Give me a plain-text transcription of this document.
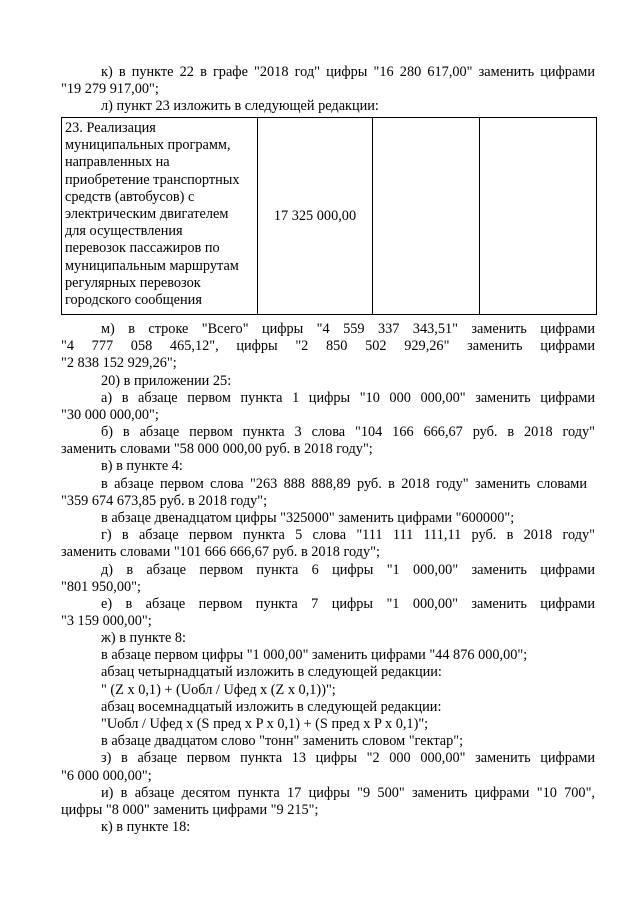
к) в пункте 22 в графе "2018 год" цифры "16 280 617,00" заменить цифрами
"19 279 917,00";
л) пункт 23 изложить в следующей редакции:
23. Реализация
муниципальных программ,
направленных на
приобретение транспортных
средств (автобусов) с
электрическим двигателем
для осуществления
перевозок пассажиров по
муниципальным маршрутам
регулярных перевозок
городского сообщения	17 325 000,00		
м) в строке "Всего" цифры "4 559 337 343,51" заменить цифрами
"4 777 058 465,12", цифры "2 850 502 929,26" заменить цифрами
"2 838 152 929,26";
20) в приложении 25:
а) в абзаце первом пункта 1 цифры "10 000 000,00" заменить цифрами
"30 000 000,00";
б) в абзаце первом пункта 3 слова "104 166 666,67 руб. в 2018 году"
заменить словами "58 000 000,00 руб. в 2018 году";
в) в пункте 4:
в абзаце первом слова "263 888 888,89 руб. в 2018 году" заменить словами
"359 674 673,85 руб. в 2018 году";
в абзаце двенадцатом цифры "325000" заменить цифрами "600000";
г) в абзаце первом пункта 5 слова "111 111 111,11 руб. в 2018 году"
заменить словами "101 666 666,67 руб. в 2018 году";
д) в абзаце первом пункта 6 цифры "1 000,00" заменить цифрами
"801 950,00";
е) в абзаце первом пункта 7 цифры "1 000,00" заменить цифрами
"3 159 000,00";
ж) в пункте 8:
в абзаце первом цифры "1 000,00" заменить цифрами "44 876 000,00";
абзац четырнадцатый изложить в следующей редакции:
" (Z x 0,1) + (Uобл / Uфед x (Z x 0,1))";
абзац восемнадцатый изложить в следующей редакции:
"Uобл / Uфед x (S пред x P x 0,1) + (S пред x P x 0,1)";
в абзаце двадцатом слово "тонн" заменить словом "гектар";
з) в абзаце первом пункта 13 цифры "2 000 000,00" заменить цифрами
"6 000 000,00";
и) в абзаце десятом пункта 17 цифры "9 500" заменить цифрами "10 700",
цифры "8 000" заменить цифрами "9 215";
к) в пункте 18:
